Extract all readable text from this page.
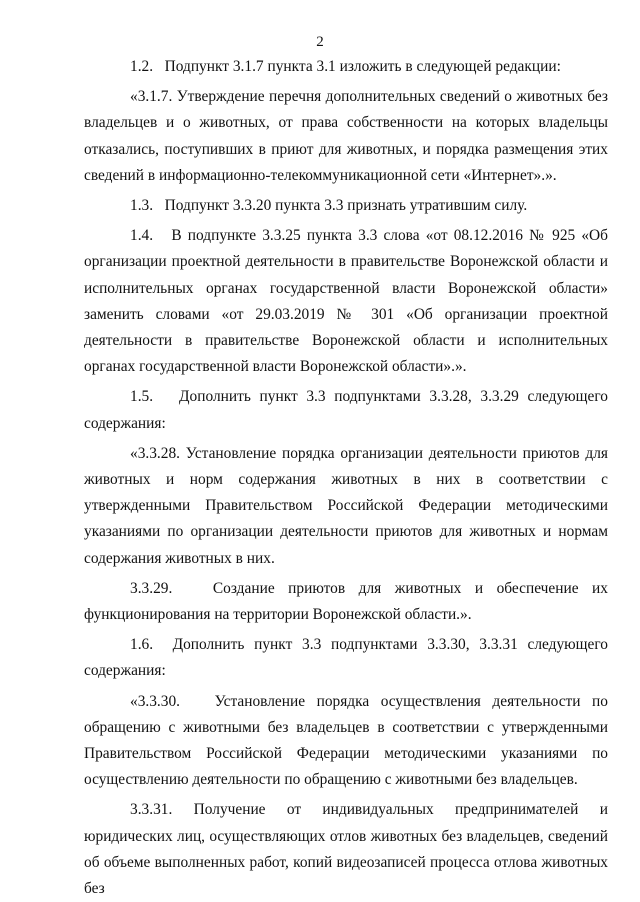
2

1.2.   Подпункт 3.1.7 пункта 3.1 изложить в следующей редакции:

«3.1.7. Утверждение перечня дополнительных сведений о животных без владельцев и о животных, от права собственности на которых владельцы отказались, поступивших в приют для животных, и порядка размещения этих сведений в информационно-телекоммуникационной сети «Интернет».».

1.3.   Подпункт 3.3.20 пункта 3.3 признать утратившим силу.

1.4.   В подпункте 3.3.25 пункта 3.3 слова «от 08.12.2016 № 925 «Об организации проектной деятельности в правительстве Воронежской области и исполнительных органах государственной власти Воронежской области» заменить словами «от 29.03.2019 № 301 «Об организации проектной деятельности в правительстве Воронежской области и исполнительных органах государственной власти Воронежской области».».

1.5.   Дополнить пункт 3.3 подпунктами 3.3.28, 3.3.29 следующего содержания:

«3.3.28. Установление порядка организации деятельности приютов для животных и норм содержания животных в них в соответствии с утвержденными Правительством Российской Федерации методическими указаниями по организации деятельности приютов для животных и нормам содержания животных в них.

3.3.29.   Создание приютов для животных и обеспечение их функционирования на территории Воронежской области.».

1.6.  Дополнить пункт 3.3 подпунктами 3.3.30, 3.3.31 следующего содержания:

«3.3.30.   Установление порядка осуществления деятельности по обращению с животными без владельцев в соответствии с утвержденными Правительством Российской Федерации методическими указаниями по осуществлению деятельности по обращению с животными без владельцев.

3.3.31. Получение от индивидуальных предпринимателей и юридических лиц, осуществляющих отлов животных без владельцев, сведений об объеме выполненных работ, копий видеозаписей процесса отлова животных без
